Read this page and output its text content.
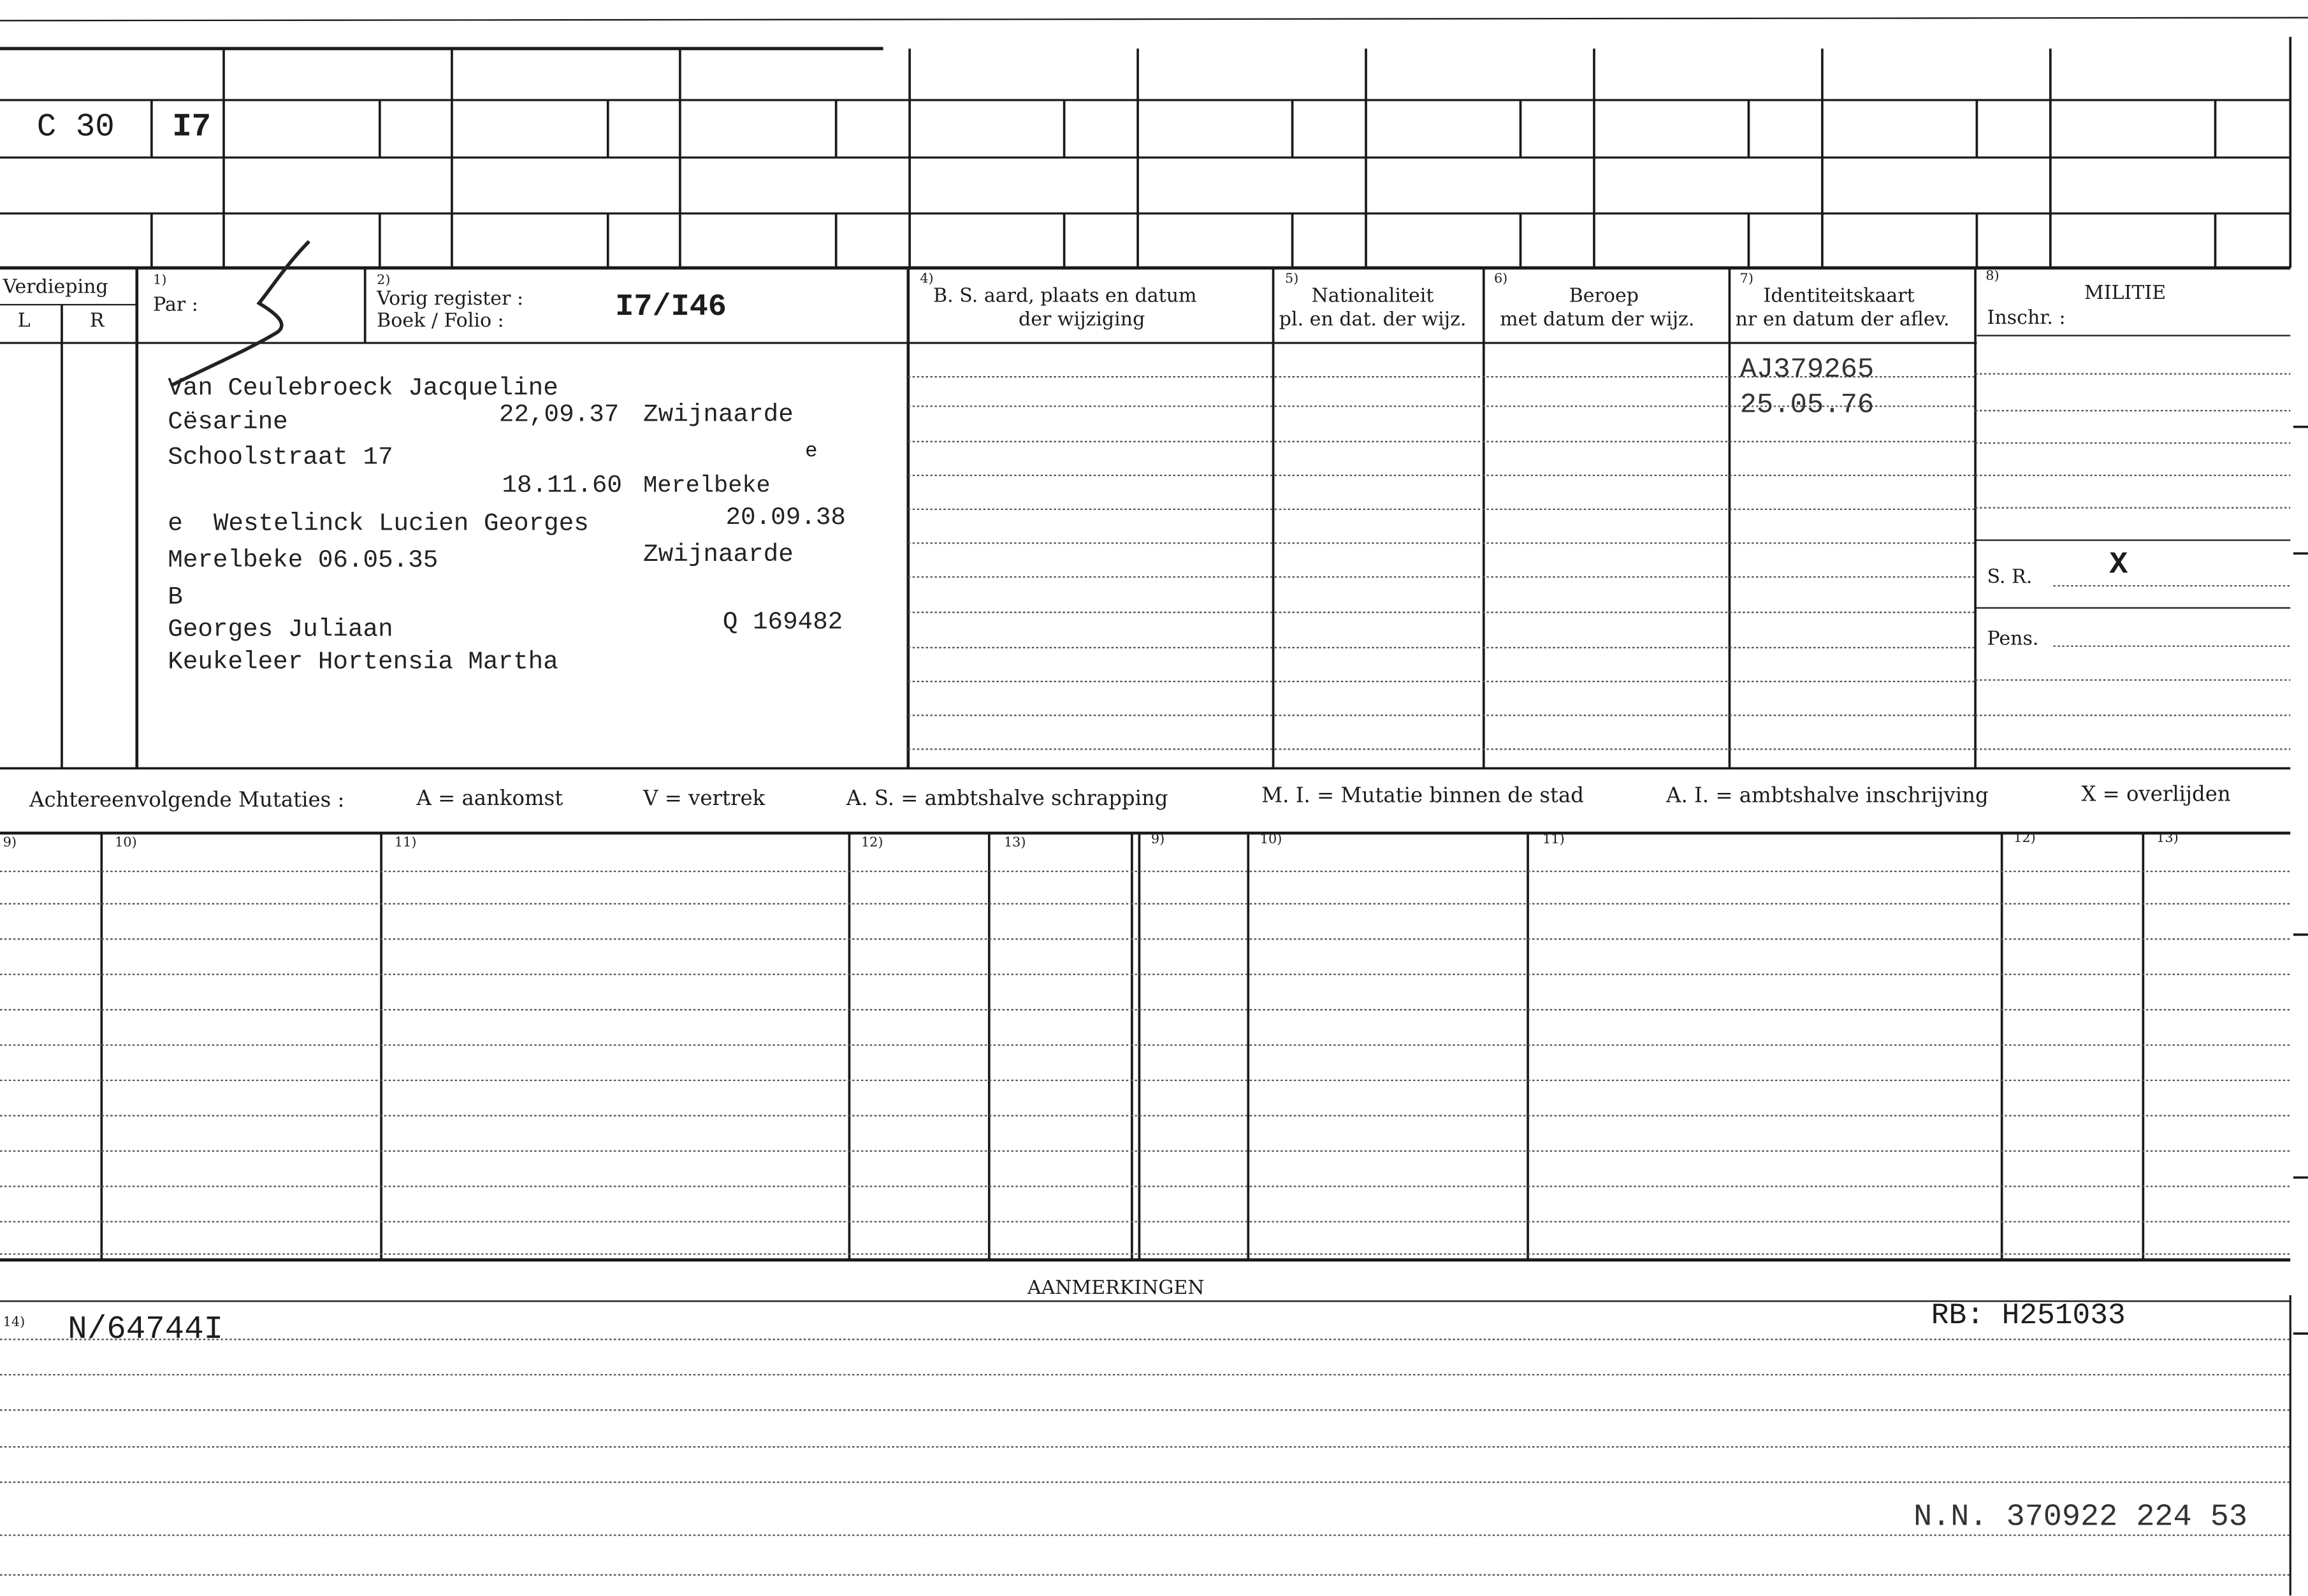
C 30	I7
Verdieping
L	R
1)
Par :
2)
Vorig register :
Boek / Folio :	I7/I46
4)
B. S. aard, plaats en datum
der wijziging
5)
Nationaliteit
pl. en dat. der wijz.
6)
Beroep
met datum der wijz.
7)
Identiteitskaart
nr en datum der aflev.
8)
MILITIE
Inschr. :
Van Ceulebroeck Jacqueline
Cësarine	22,09.37 Zwijnaarde
Schoolstraat 17	e
18.11.60 Merelbeke
e	Westelinck Lucien Georges	20.09.38
Merelbeke 06.05.35	Zwijnaarde
B
Georges Juliaan	Q 169482
Keukeleer Hortensia Martha
AJ379265
25.05.76
S. R.	X
Pens.
Achtereenvolgende Mutaties :	A = aankomst	V = vertrek	A. S. = ambtshalve schrapping	M. I. = Mutatie binnen de stad	A. I. = ambtshalve inschrijving	X = overlijden
9)	10)	11)	12)	13)	9)	10)	11)	12)	13)
AANMERKINGEN
14)	N/64744I	RB: H251033
N.N. 370922 224 53
